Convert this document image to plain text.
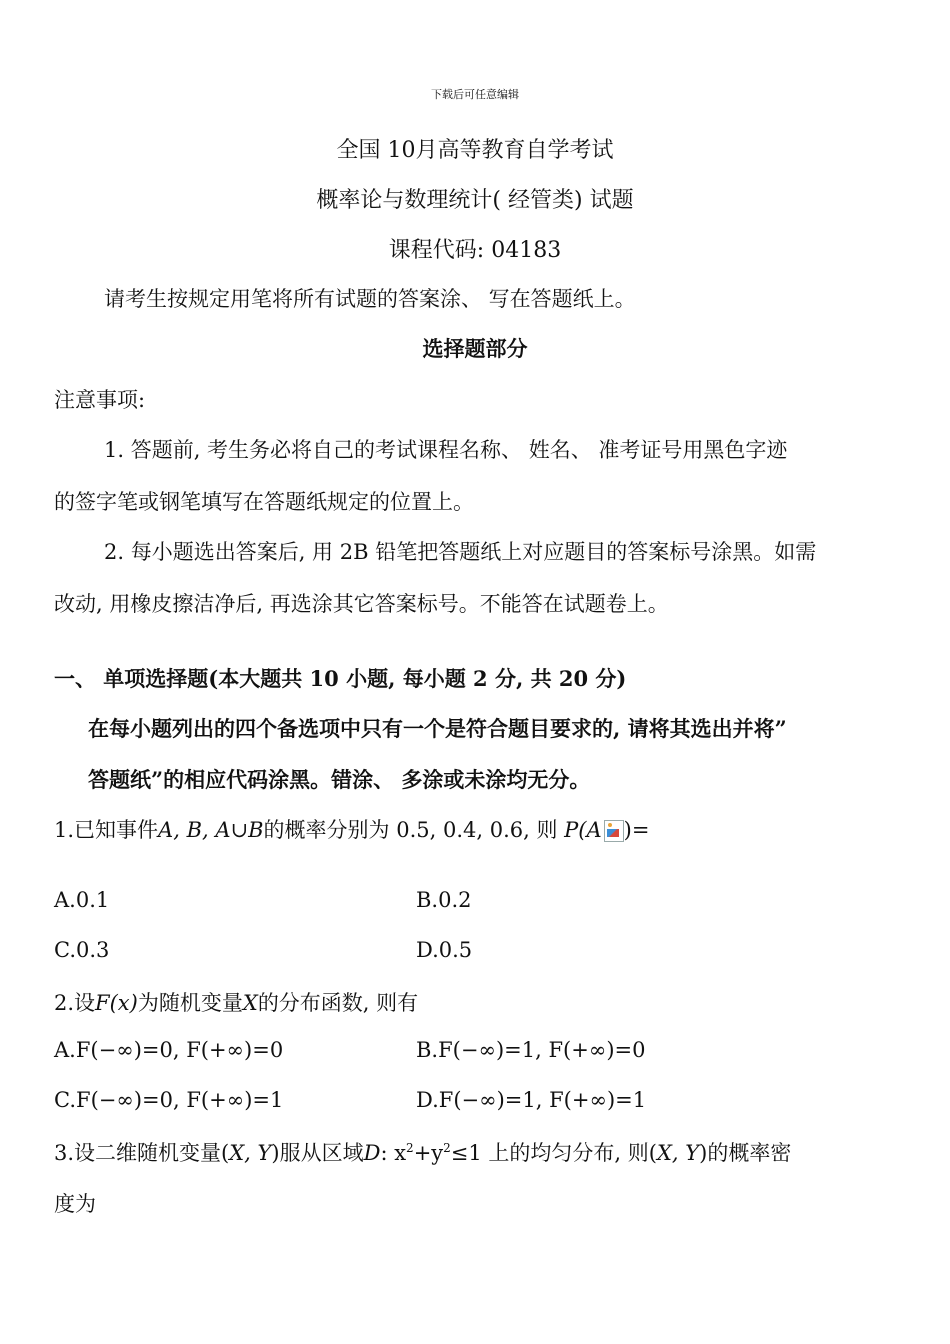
下载后可任意编辑
全国 10月高等教育自学考试
概率论与数理统计( 经管类) 试题
课程代码: 04183
请考生按规定用笔将所有试题的答案涂、 写在答题纸上。
选择题部分
注意事项:
1. 答题前, 考生务必将自己的考试课程名称、 姓名、 准考证号用黑色字迹
的签字笔或钢笔填写在答题纸规定的位置上。
2. 每小题选出答案后, 用 2B 铅笔把答题纸上对应题目的答案标号涂黑。如需
改动, 用橡皮擦洁净后, 再选涂其它答案标号。不能答在试题卷上。
一、 单项选择题(本大题共 10 小题, 每小题 2 分, 共 20 分)
在每小题列出的四个备选项中只有一个是符合题目要求的, 请将其选出并将”
答题纸”的相应代码涂黑。错涂、 多涂或未涂均无分。
1.已知事件A, B, A∪B的概率分别为 0.5, 0.4, 0.6, 则 P(A )=
A.0.1	B.0.2
C.0.3	D.0.5
2.设F(x)为随机变量X的分布函数, 则有
A.F(−∞)=0, F(+∞)=0	B.F(−∞)=1, F(+∞)=0
C.F(−∞)=0, F(+∞)=1	D.F(−∞)=1, F(+∞)=1
3.设二维随机变量(X, Y)服从区域D: $x^2+y^2\le 1$ 上的均匀分布, 则(X, Y)的概率密
度为
